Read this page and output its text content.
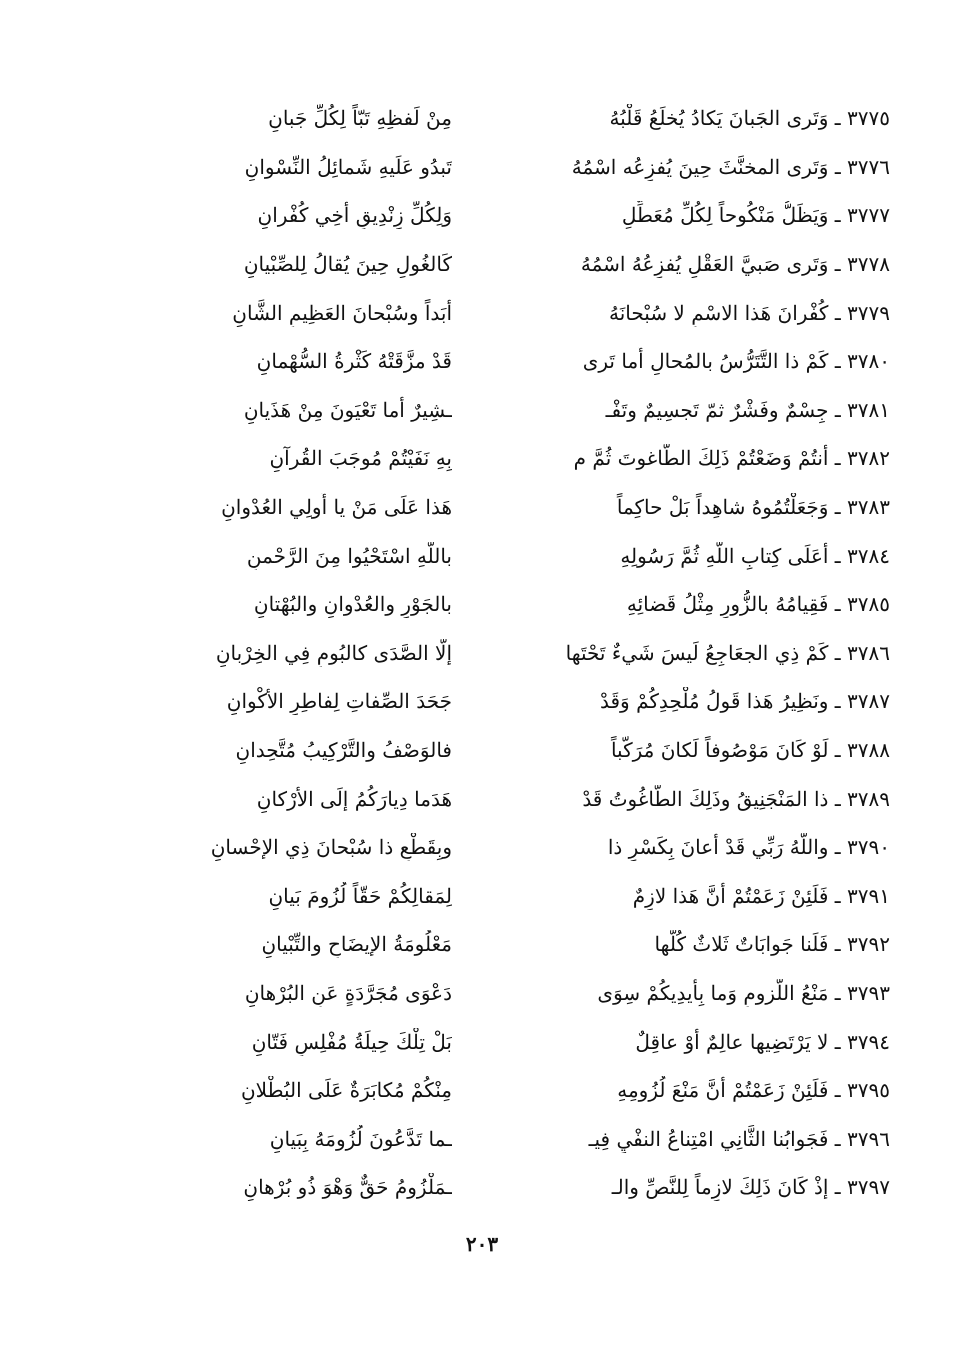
٣٧٧٥ ـ وَتَرى الجَبانَ يَكادُ يُخلَعُ قَلْبُهُ
مِنْ لَفظِهِ تَبّاً لِكُلِّ جَبانِ
٣٧٧٦ ـ وَتَرى المخنَّثَ حِينَ يُفزِعُه اسْمُهُ
تَبدُو عَلَيهِ شَمائِلُ النِّسْوانِ
٣٧٧٧ ـ وَيَظَلُّ مَنْكُوحاً لِكُلِّ مُعَطِّلٍ
وَلِكُلِّ زِنْدِيقٍ أخِي كُفْرانِ
٣٧٧٨ ـ وَتَرى صَبيَّ العَقْلِ يُفزِعُهُ اسْمُهُ
كَالغُولِ حِينَ يُقالُ لِلصِّبْيانِ
٣٧٧٩ ـ كُفْرانَ هَذا الاسْمِ لا سُبْحانَهُ
أبَداً وسُبْحانَ العَظِيمِ الشَّانِ
٣٧٨٠ ـ كَمْ ذا التَّتَرُّسُ بالمُحالِ أَما تَرى
قَدْ مزَّقَتْهُ كَثْرةُ السُّهْمانِ
٣٧٨١ ـ جِسْمٌ وفَشْرٌ ثمّ تَجسِيمٌ وتَفْـ
ـشِيرٌ أما تَعْيَونَ مِنْ هَذَيانِ
٣٧٨٢ ـ أنتُمْ وَضَعْتُمْ ذَلِكَ الطَّاغوتَ ثُمَّ م
بِهِ نَفَيْتُمْ مُوجَبَ القُرآنِ
٣٧٨٣ ـ وَجَعَلْتُمُوهُ شاهِداً بَلْ حاكِماً
هَذا عَلَى مَنْ يا أُولِي العُدْوانِ
٣٧٨٤ ـ أعَلَى كِتابِ اللَّهِ ثُمَّ رَسُولِهِ
باللَّهِ اسْتَحْيُوا مِنَ الرَّحْمنِ
٣٧٨٥ ـ فَقِيامُهُ بالزُّورِ مِثْلُ قَضائِهِ
بالجَوْرِ والعُدْوانِ والبُهْتانِ
٣٧٨٦ ـ كَمْ ذِي الجعَاجِعُ لَيسَ شَيءٌ تَحْتَها
إلَّا الصَّدَى كالبُومِ فِي الخِرْبانِ
٣٧٨٧ ـ ونَظِيرُ هَذا قَولُ مُلْحِدِكُمْ وَقَدْ
جَحَدَ الصِّفاتِ لِفاطِرِ الأكْوانِ
٣٧٨٨ ـ لَوْ كَانَ مَوْصُوفاً لَكانَ مُرَكَّباً
فالوَصْفُ والتَّرْكِيبُ مُتَّحِدانِ
٣٧٨٩ ـ ذا المَنْجَنِيقُ وذَلِكَ الطَّاغُوتُ قَدْ
هَدَما دِيارَكُمُ إلَى الأرْكانِ
٣٧٩٠ ـ واللَّهُ رَبِّي قَدْ أعانَ بِكَسْرِ ذا
وبِقَطْعِ ذا سُبْحانَ ذِي الإحْسانِ
٣٧٩١ ـ فَلَئِنْ زَعَمْتُمْ أنَّ هَذا لازِمٌ
لِمَقالِكُمْ حَقّاً لُزُومَ بَيانِ
٣٧٩٢ ـ فَلَنا جَوابَاتٌ ثَلاثٌ كُلُّها
مَعْلُومَةُ الإيضَاحِ والتِّبْيانِ
٣٧٩٣ ـ مَنْعُ اللُّزومِ وَما بِأيدِيكُمْ سِوَى
دَعْوَى مُجَرَّدَةٍ عَنِ البُرْهانِ
٣٧٩٤ ـ لا يَرْتَضِيها عالِمٌ أوْ عاقِلٌ
بَلْ تِلْكَ حِيلَةُ مُفْلِسٍ فَتّانِ
٣٧٩٥ ـ فَلَئِنْ زَعَمْتُمْ أنَّ مَنْعَ لُزُومِهِ
مِنْكُمْ مُكابَرَةٌ عَلَى البُطْلانِ
٣٧٩٦ ـ فَجَوابُنا الثَّانِي امْتِناعُ النفْيِ فِيـ
ـما تَدَّعُونَ لُزُومَهُ بِبَيانِ
٣٧٩٧ ـ إذْ كَانَ ذَلِكَ لازِماً لِلنَّصِّ والـ
ـمَلْزُومُ حَقٌّ وَهْوَ ذُو بُرْهانِ
٢٠٣
